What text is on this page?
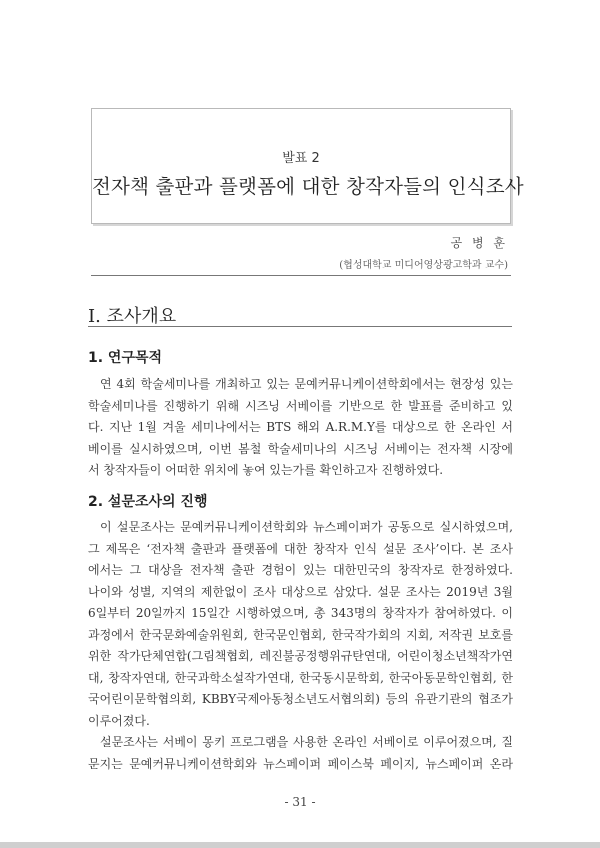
발표 2
전자책 출판과 플랫폼에 대한 창작자들의 인식조사
공 병 훈
(협성대학교 미디어영상광고학과 교수)
I. 조사개요
1. 연구목적
연 4회 학술세미나를 개최하고 있는 문예커뮤니케이션학회에서는 현장성 있는
학술세미나를 진행하기 위해 시즈닝 서베이를 기반으로 한 발표를 준비하고 있
다. 지난 1월 겨울 세미나에서는 BTS 해외 A.R.M.Y를 대상으로 한 온라인 서
베이를 실시하였으며, 이번 봄철 학술세미나의 시즈닝 서베이는 전자책 시장에
서 창작자들이 어떠한 위치에 놓여 있는가를 확인하고자 진행하였다.
2. 설문조사의 진행
이 설문조사는 문예커뮤니케이션학회와 뉴스페이퍼가 공동으로 실시하였으며,
그 제목은 ‘전자책 출판과 플랫폼에 대한 창작자 인식 설문 조사’이다. 본 조사
에서는 그 대상을 전자책 출판 경험이 있는 대한민국의 창작자로 한정하였다.
나이와 성별, 지역의 제한없이 조사 대상으로 삼았다. 설문 조사는 2019년 3월
6일부터 20일까지 15일간 시행하였으며, 총 343명의 창작자가 참여하였다. 이
과정에서 한국문화예술위원회, 한국문인협회, 한국작가회의 지회, 저작권 보호를
위한 작가단체연합(그림책협회, 레진불공정행위규탄연대, 어린이청소년책작가연
대, 창작자연대, 한국과학소설작가연대, 한국동시문학회, 한국아동문학인협회, 한
국어린이문학협의회, KBBY국제아동청소년도서협의회) 등의 유관기관의 협조가
이루어졌다.
설문조사는 서베이 몽키 프로그램을 사용한 온라인 서베이로 이루어졌으며, 질
문지는 문예커뮤니케이션학회와 뉴스페이퍼 페이스북 페이지, 뉴스페이퍼 온라
- 31 -
